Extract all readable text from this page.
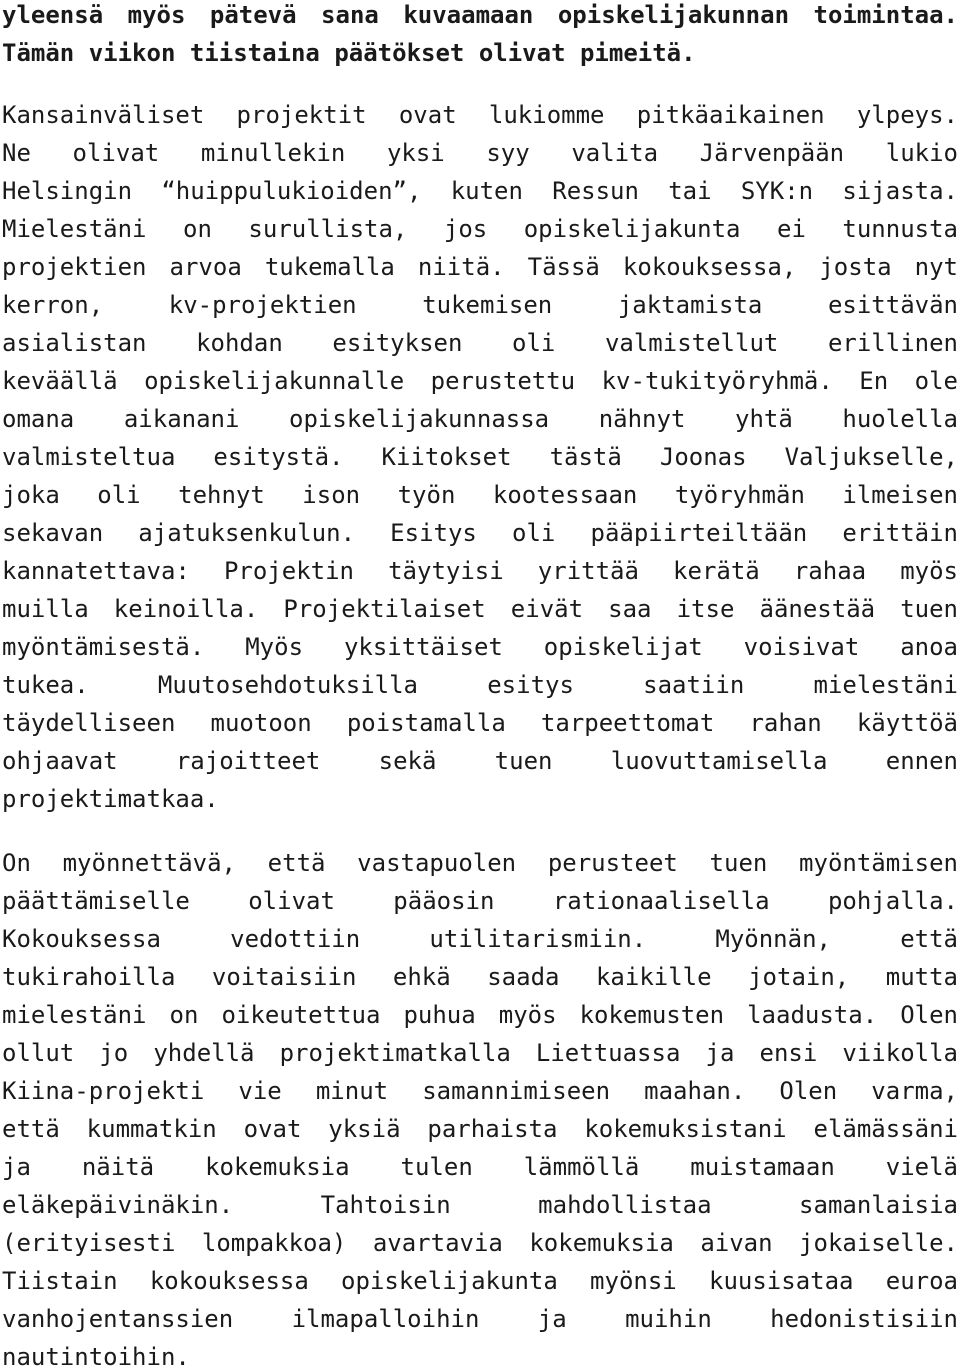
yleensä myös pätevä sana kuvaamaan opiskelijakunnan toimintaa.
Tämän viikon tiistaina päätökset olivat pimeitä.
Kansainväliset projektit ovat lukiomme pitkäaikainen ylpeys.
Ne olivat minullekin yksi syy valita Järvenpään lukio
Helsingin “huippulukioiden”, kuten Ressun tai SYK:n sijasta.
Mielestäni on surullista, jos opiskelijakunta ei tunnusta
projektien arvoa tukemalla niitä. Tässä kokouksessa, josta nyt
kerron, kv-projektien tukemisen jaktamista esittävän
asialistan kohdan esityksen oli valmistellut erillinen
keväällä opiskelijakunnalle perustettu kv-tukityöryhmä. En ole
omana aikanani opiskelijakunnassa nähnyt yhtä huolella
valmisteltua esitystä. Kiitokset tästä Joonas Valjukselle,
joka oli tehnyt ison työn kootessaan työryhmän ilmeisen
sekavan ajatuksenkulun. Esitys oli pääpiirteiltään erittäin
kannatettava: Projektin täytyisi yrittää kerätä rahaa myös
muilla keinoilla. Projektilaiset eivät saa itse äänestää tuen
myöntämisestä. Myös yksittäiset opiskelijat voisivat anoa
tukea. Muutosehdotuksilla esitys saatiin mielestäni
täydelliseen muotoon poistamalla tarpeettomat rahan käyttöä
ohjaavat rajoitteet sekä tuen luovuttamisella ennen
projektimatkaa.
On myönnettävä, että vastapuolen perusteet tuen myöntämisen
päättämiselle olivat pääosin rationaalisella pohjalla.
Kokouksessa vedottiin utilitarismiin. Myönnän, että
tukirahoilla voitaisiin ehkä saada kaikille jotain, mutta
mielestäni on oikeutettua puhua myös kokemusten laadusta. Olen
ollut jo yhdellä projektimatkalla Liettuassa ja ensi viikolla
Kiina-projekti vie minut samannimiseen maahan. Olen varma,
että kummatkin ovat yksiä parhaista kokemuksistani elämässäni
ja näitä kokemuksia tulen lämmöllä muistamaan vielä
eläkepäivinäkin. Tahtoisin mahdollistaa samanlaisia
(erityisesti lompakkoa) avartavia kokemuksia aivan jokaiselle.
Tiistain kokouksessa opiskelijakunta myönsi kuusisataa euroa
vanhojentanssien ilmapalloihin ja muihin hedonistisiin
nautintoihin.
